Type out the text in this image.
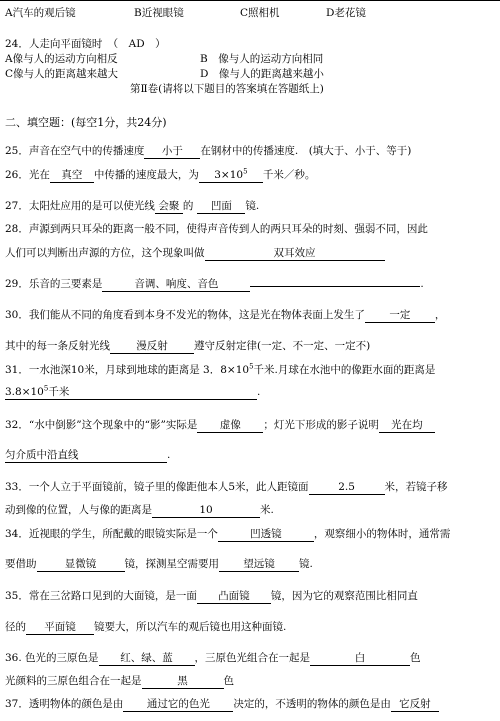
A汽车的观后镜	B近视眼镜	C照相机	D老花镜
24．人走向平面镜时　（　AD　）
A像与人的运动方向相反	B　像与人的运动方向相同
C像与人的距离越来越大	D　像与人的距离越来越小
第Ⅱ卷(请将以下题目的答案填在答题纸上)
二、填空题：(每空1分，共24分)
25．声音在空气中的传播速度 小于 在钢材中的传播速度.　(填大于、小于、等于)
26．光在 真空 中传播的速度最大，为 $3\times 10^5$ 千米／秒。
27．太阳灶应用的是可以使光线 会聚 的 凹面 镜.
28．声源到两只耳朵的距离一般不同，使得声音传到人的两只耳朵的时刻、强弱不同，因此
人们可以判断出声源的方位，这个现象叫做	双耳效应
29．乐音的三要素是	音调、响度、音色	.
30．我们能从不同的角度看到本身不发光的物体，这是光在物体表面上发生了 一定 ，
其中的每一条反射光线	漫反射	遵守反射定律(一定、不一定、一定不)
31．一水池深10米，月球到地球的距离是 3．$8\times 10^5$千米.月球在水池中的像距水面的距离是
$3.8\times 10^5$千米	.
32．“水中倒影”这个现象中的“影”实际是 虚像 ；灯光下形成的影子说明 光在均
匀介质中沿直线	.
33．一个人立于平面镜前，镜子里的像距他本人5米，此人距镜面	2.5	米，若镜子移
动到像的位置，人与像的距离是	10	米.
34．近视眼的学生，所配戴的眼镜实际是一个	凹透镜	，观察细小的物体时，通常需
要借助	显微镜	镜，探测星空需要用 望远镜 镜.
35．常在三岔路口见到的大面镜，是一面 凸面镜 镜，因为它的观察范围比相同直
径的 平面镜 镜要大，所以汽车的观后镜也用这种面镜.
36. 色光的三原色是 红、绿、蓝 ，三原色光组合在一起是	白	色
光颜料的三原色组合在一起是	黑	色
37．透明物体的颜色是由 通过它的色光 决定的，不透明的物体的颜色是由 它反射
